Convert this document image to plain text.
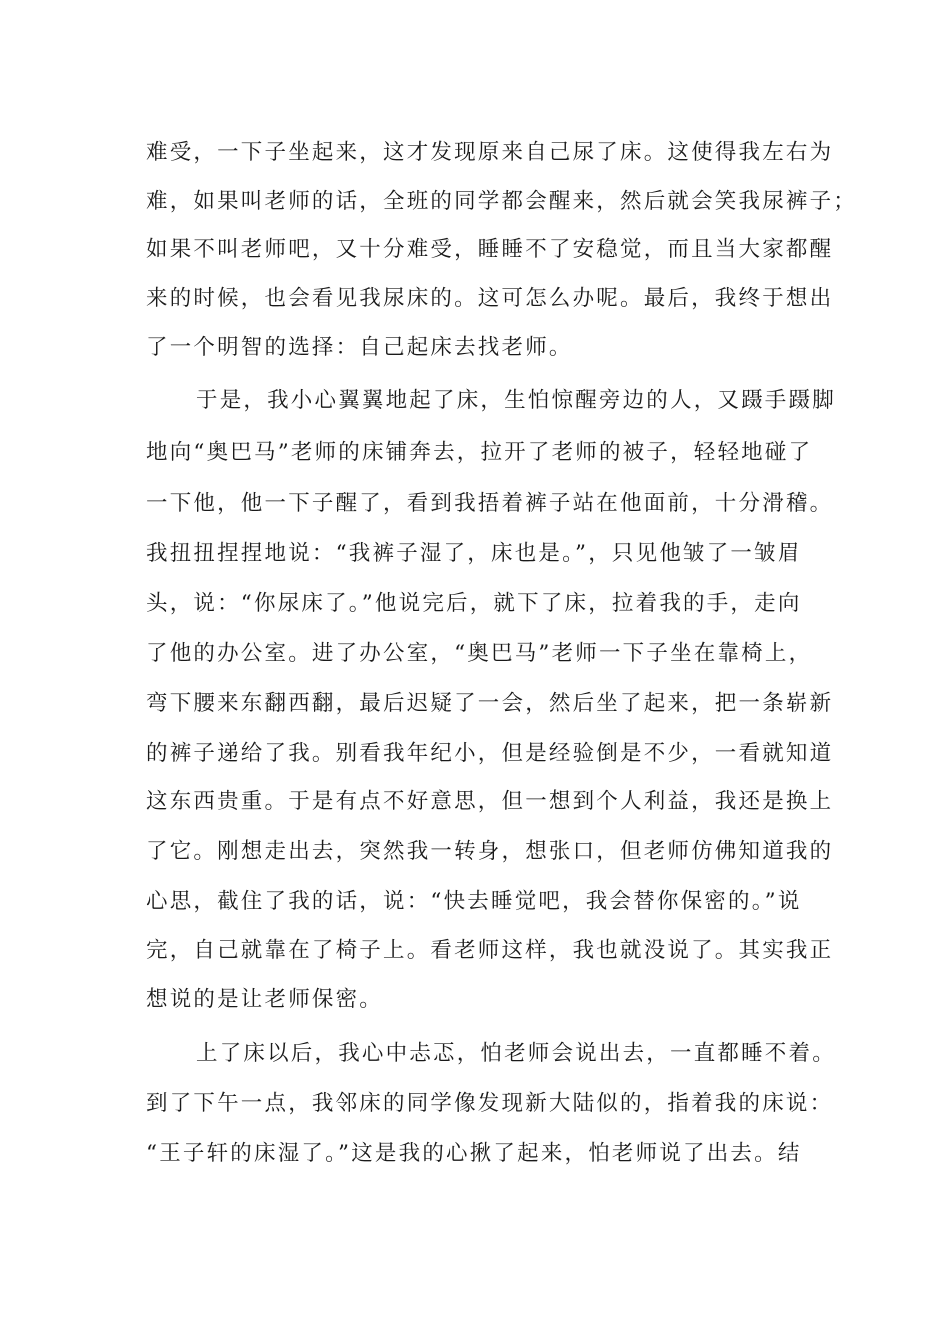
难受，一下子坐起来，这才发现原来自己尿了床。这使得我左右为
难，如果叫老师的话，全班的同学都会醒来，然后就会笑我尿裤子；
如果不叫老师吧，又十分难受，睡睡不了安稳觉，而且当大家都醒
来的时候，也会看见我尿床的。这可怎么办呢。最后，我终于想出
了一个明智的选择：自己起床去找老师。
于是，我小心翼翼地起了床，生怕惊醒旁边的人，又蹑手蹑脚
地向“奥巴马”老师的床铺奔去，拉开了老师的被子，轻轻地碰了
一下他，他一下子醒了，看到我捂着裤子站在他面前，十分滑稽。
我扭扭捏捏地说：“我裤子湿了，床也是。”，只见他皱了一皱眉
头，说：“你尿床了。”他说完后，就下了床，拉着我的手，走向
了他的办公室。进了办公室，“奥巴马”老师一下子坐在靠椅上，
弯下腰来东翻西翻，最后迟疑了一会，然后坐了起来，把一条崭新
的裤子递给了我。别看我年纪小，但是经验倒是不少，一看就知道
这东西贵重。于是有点不好意思，但一想到个人利益，我还是换上
了它。刚想走出去，突然我一转身，想张口，但老师仿佛知道我的
心思，截住了我的话，说：“快去睡觉吧，我会替你保密的。”说
完，自己就靠在了椅子上。看老师这样，我也就没说了。其实我正
想说的是让老师保密。
上了床以后，我心中忐忑，怕老师会说出去，一直都睡不着。
到了下午一点，我邻床的同学像发现新大陆似的，指着我的床说：
“王子轩的床湿了。”这是我的心揪了起来，怕老师说了出去。结
